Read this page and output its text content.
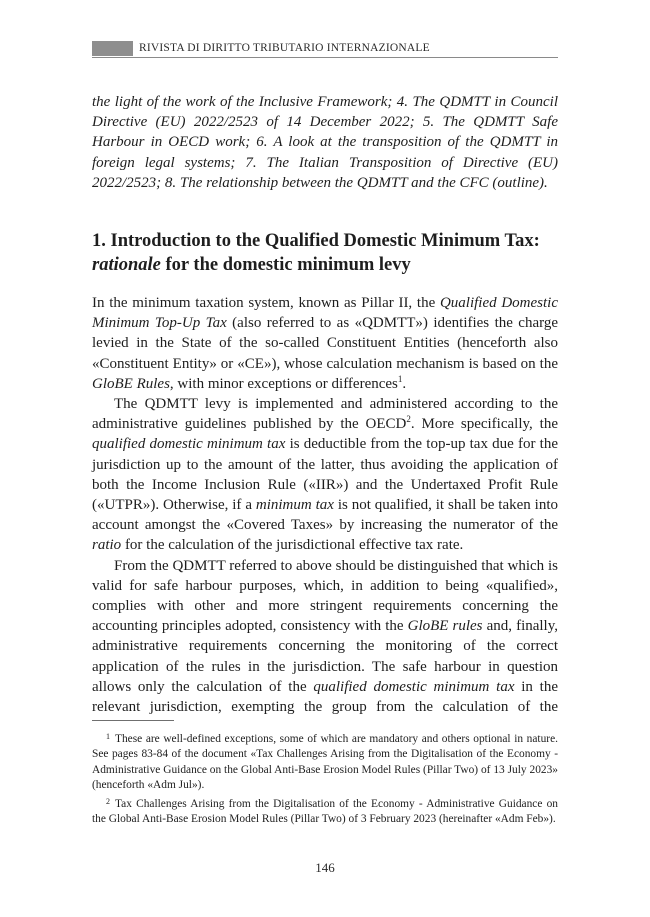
RIVISTA DI DIRITTO TRIBUTARIO INTERNAZIONALE

the light of the work of the Inclusive Framework; 4. The QDMTT in Council Directive (EU) 2022/2523 of 14 December 2022; 5. The QDMTT Safe Harbour in OECD work; 6. A look at the transposition of the QDMTT in foreign legal systems; 7. The Italian Transposition of Directive (EU) 2022/2523; 8. The relationship between the QDMTT and the CFC (outline).

1. Introduction to the Qualified Domestic Minimum Tax:
rationale for the domestic minimum levy

In the minimum taxation system, known as Pillar II, the Qualified Domestic Minimum Top-Up Tax (also referred to as «QDMTT») identifies the charge levied in the State of the so-called Constituent Entities (henceforth also «Constituent Entity» or «CE»), whose calculation mechanism is based on the GloBE Rules, with minor exceptions or differences$^1$.

The QDMTT levy is implemented and administered according to the administrative guidelines published by the OECD$^2$. More specifically, the qualified domestic minimum tax is deductible from the top-up tax due for the jurisdiction up to the amount of the latter, thus avoiding the application of both the Income Inclusion Rule («IIR») and the Undertaxed Profit Rule («UTPR»). Otherwise, if a minimum tax is not qualified, it shall be taken into account amongst the «Covered Taxes» by increasing the numerator of the ratio for the calculation of the jurisdictional effective tax rate.

From the QDMTT referred to above should be distinguished that which is valid for safe harbour purposes, which, in addition to being «qualified», complies with other and more stringent requirements concerning the accounting principles adopted, consistency with the GloBE rules and, finally, administrative requirements concerning the monitoring of the correct application of the rules in the jurisdiction. The safe harbour in question allows only the calculation of the qualified domestic minimum tax in the relevant jurisdiction, exempting the group from the calculation of the

$^1$ These are well-defined exceptions, some of which are mandatory and others optional in nature. See pages 83-84 of the document «Tax Challenges Arising from the Digitalisation of the Economy - Administrative Guidance on the Global Anti-Base Erosion Model Rules (Pillar Two) of 13 July 2023» (henceforth «Adm Jul»).

$^2$ Tax Challenges Arising from the Digitalisation of the Economy - Administrative Guidance on the Global Anti-Base Erosion Model Rules (Pillar Two) of 3 February 2023 (hereinafter «Adm Feb»).

146
